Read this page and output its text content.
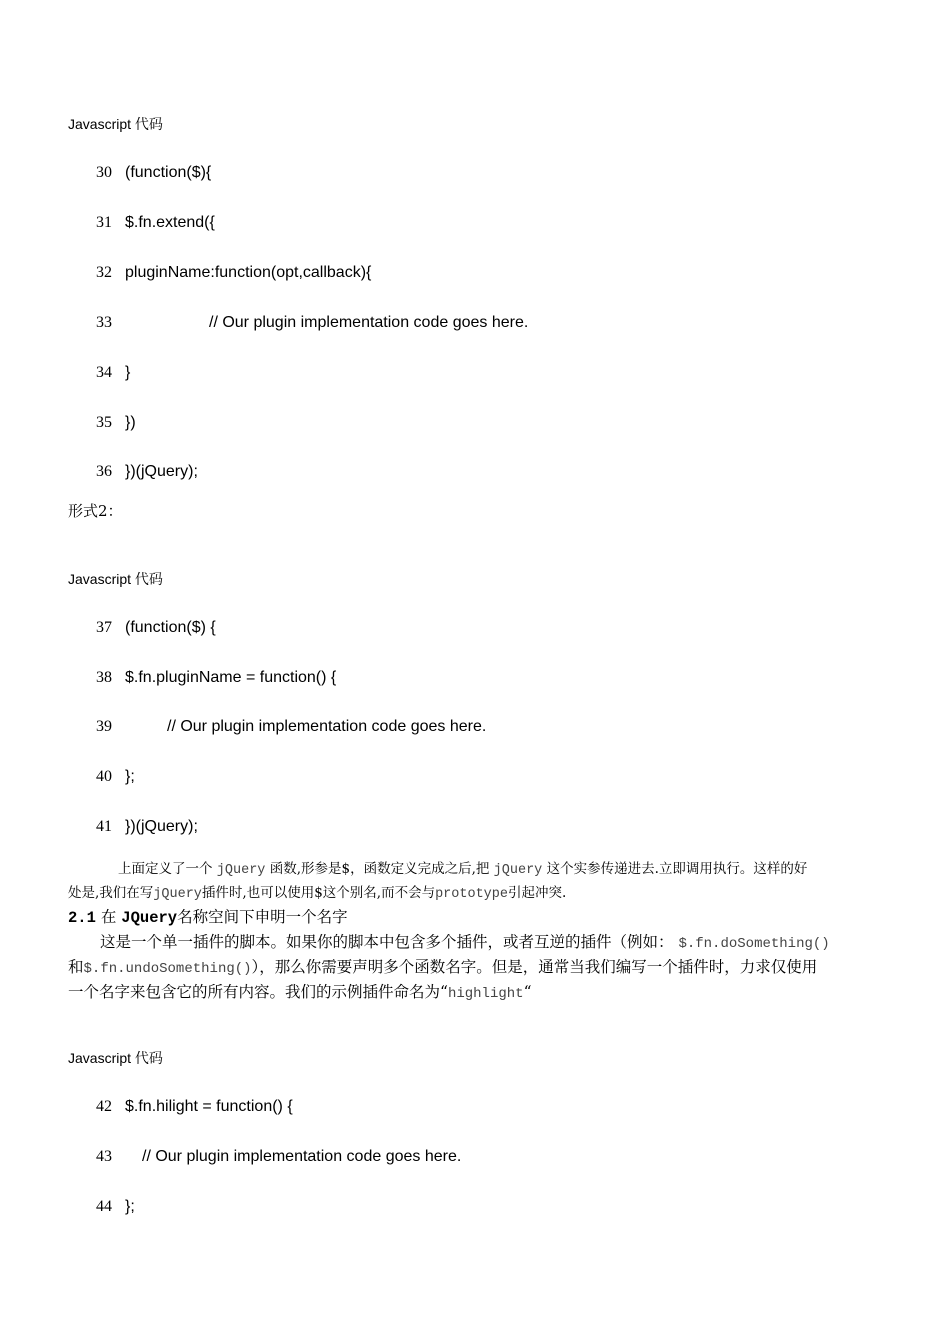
Javascript 代码
30 (function($){
31 $.fn.extend({
32 pluginName:function(opt,callback){
33	// Our plugin implementation code goes here.
34 }
35 })
36 })(jQuery);
形式2：
Javascript 代码
37 (function($) {
38 $.fn.pluginName = function() {
39	// Our plugin implementation code goes here.
40 };
41 })(jQuery);
上面定义了一个 jQuery 函数,形参是$，函数定义完成之后,把 jQuery 这个实参传递进去.立即调用执行。这样的好
处是,我们在写jQuery插件时,也可以使用$这个别名,而不会与prototype引起冲突.
2.1 在 JQuery名称空间下申明一个名字
这是一个单一插件的脚本。如果你的脚本中包含多个插件，或者互逆的插件（例如： $.fn.doSomething()
和$.fn.undoSomething()），那么你需要声明多个函数名字。但是，通常当我们编写一个插件时，力求仅使用
一个名字来包含它的所有内容。我们的示例插件命名为“highlight“
Javascript 代码
42 $.fn.hilight = function() {
43 // Our plugin implementation code goes here.
44 };
